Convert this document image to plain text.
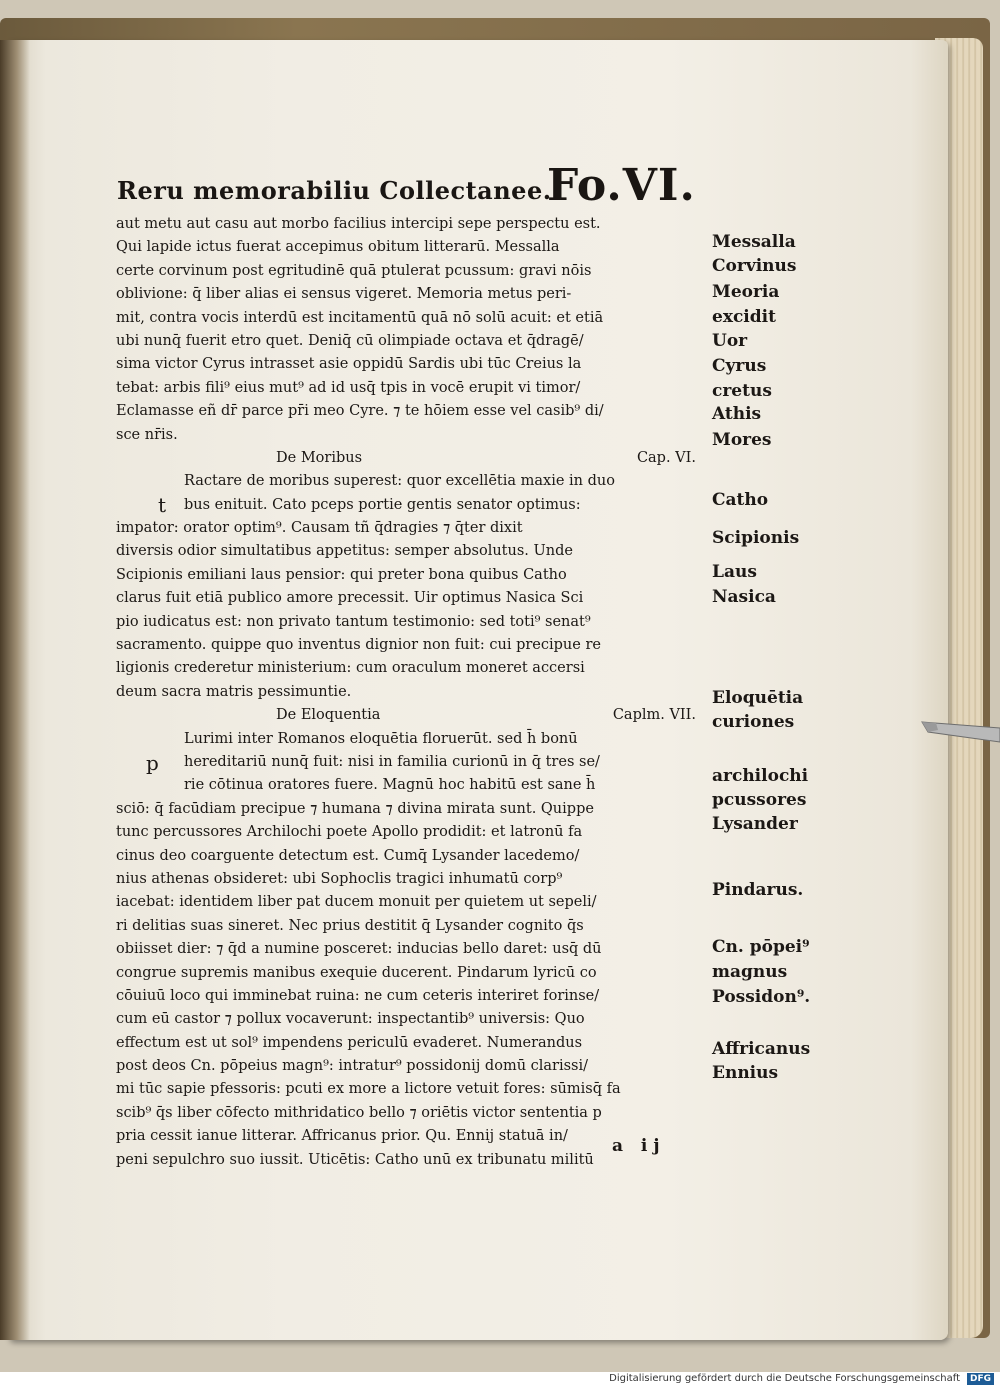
Reru memorabiliu Collectanee.
Fo.VI.
aut metu aut casu aut morbo facilius intercipi sepe perspectu est.
Qui lapide ictus fuerat accepimus obitum litterarū. Messalla
certe corvinum post egritudinē quā ptulerat pcussum: gravi nōis
oblivione: q̄ liber alias ei sensus vigeret. Memoria metus peri-
mit, contra vocis interdū est incitamentū quā nō solū acuit: et etiā
ubi nunq̄ fuerit etro quet. Deniq̄ cū olimpiade octava et q̄dragē/
sima victor Cyrus intrasset asie oppidū Sardis ubi tūc Creius la
tebat: arbis fili⁹ eius mut⁹ ad id usq̄ tpis in vocē erupit vi timor/
Eclamasse eñ dr̄ parce pr̄i meo Cyre. ⁊ te hōiem esse vel casib⁹ di/
sce nr̄is.
De Moribus	Cap. VI.
t
Ractare de moribus superest: quor excellētia maxie in duo
bus enituit. Cato pceps portie gentis senator optimus:
impator: orator optim⁹. Causam tñ q̄dragies ⁊ q̄ter dixit
diversis odior simultatibus appetitus: semper absolutus. Unde
Scipionis emiliani laus pensior: qui preter bona quibus Catho
clarus fuit etiā publico amore precessit. Uir optimus Nasica Sci
pio iudicatus est: non privato tantum testimonio: sed toti⁹ senat⁹
sacramento. quippe quo inventus dignior non fuit: cui precipue re
ligionis crederetur ministerium: cum oraculum moneret accersi
deum sacra matris pessimuntie.
De Eloquentia	Caplm. VII.
p
Lurimi inter Romanos eloquētia floruerūt. sed h̄ bonū
hereditariū nunq̄ fuit: nisi in familia curionū in q̄ tres se/
rie cōtinua oratores fuere. Magnū hoc habitū est sane h̄
sciō: q̄ facūdiam precipue ⁊ humana ⁊ divina mirata sunt. Quippe
tunc percussores Archilochi poete Apollo prodidit: et latronū fa
cinus deo coarguente detectum est. Cumq̄ Lysander lacedemo/
nius athenas obsideret: ubi Sophoclis tragici inhumatū corp⁹
iacebat: identidem liber pat ducem monuit per quietem ut sepeli/
ri delitias suas sineret. Nec prius destitit q̄ Lysander cognito q̄s
obiisset dier: ⁊ q̄d a numine posceret: inducias bello daret: usq̄ dū
congrue supremis manibus exequie ducerent. Pindarum lyricū co
cōuiuū loco qui imminebat ruina: ne cum ceteris interiret forinse/
cum eū castor ⁊ pollux vocaverunt: inspectantib⁹ universis: Quo
effectum est ut sol⁹ impendens periculū evaderet. Numerandus
post deos Cn. pōpeius magn⁹: intratur⁹ possidonij domū clarissi/
mi tūc sapie pfessoris: pcuti ex more a lictore vetuit fores: sūmisq̄ fa
scib⁹ q̄s liber cōfecto mithridatico bello ⁊ oriētis victor sententia p
pria cessit ianue litterar. Affricanus prior. Qu. Ennij statuā in/
peni sepulchro suo iussit. Uticētis: Catho unū ex tribunatu militū
Messalla
Corvinus
Meoria
excidit
Uor
Cyrus
cretus
Athis
Mores
Catho
Scipionis
Laus
Nasica
Eloquētia
curiones
archilochi
pcussores
Lysander
Pindarus.
Cn. pōpei⁹
magnus
Possidon⁹.
Affricanus
Ennius
a ij
Digitalisierung gefördert durch die Deutsche Forschungsgemeinschaft	DFG
